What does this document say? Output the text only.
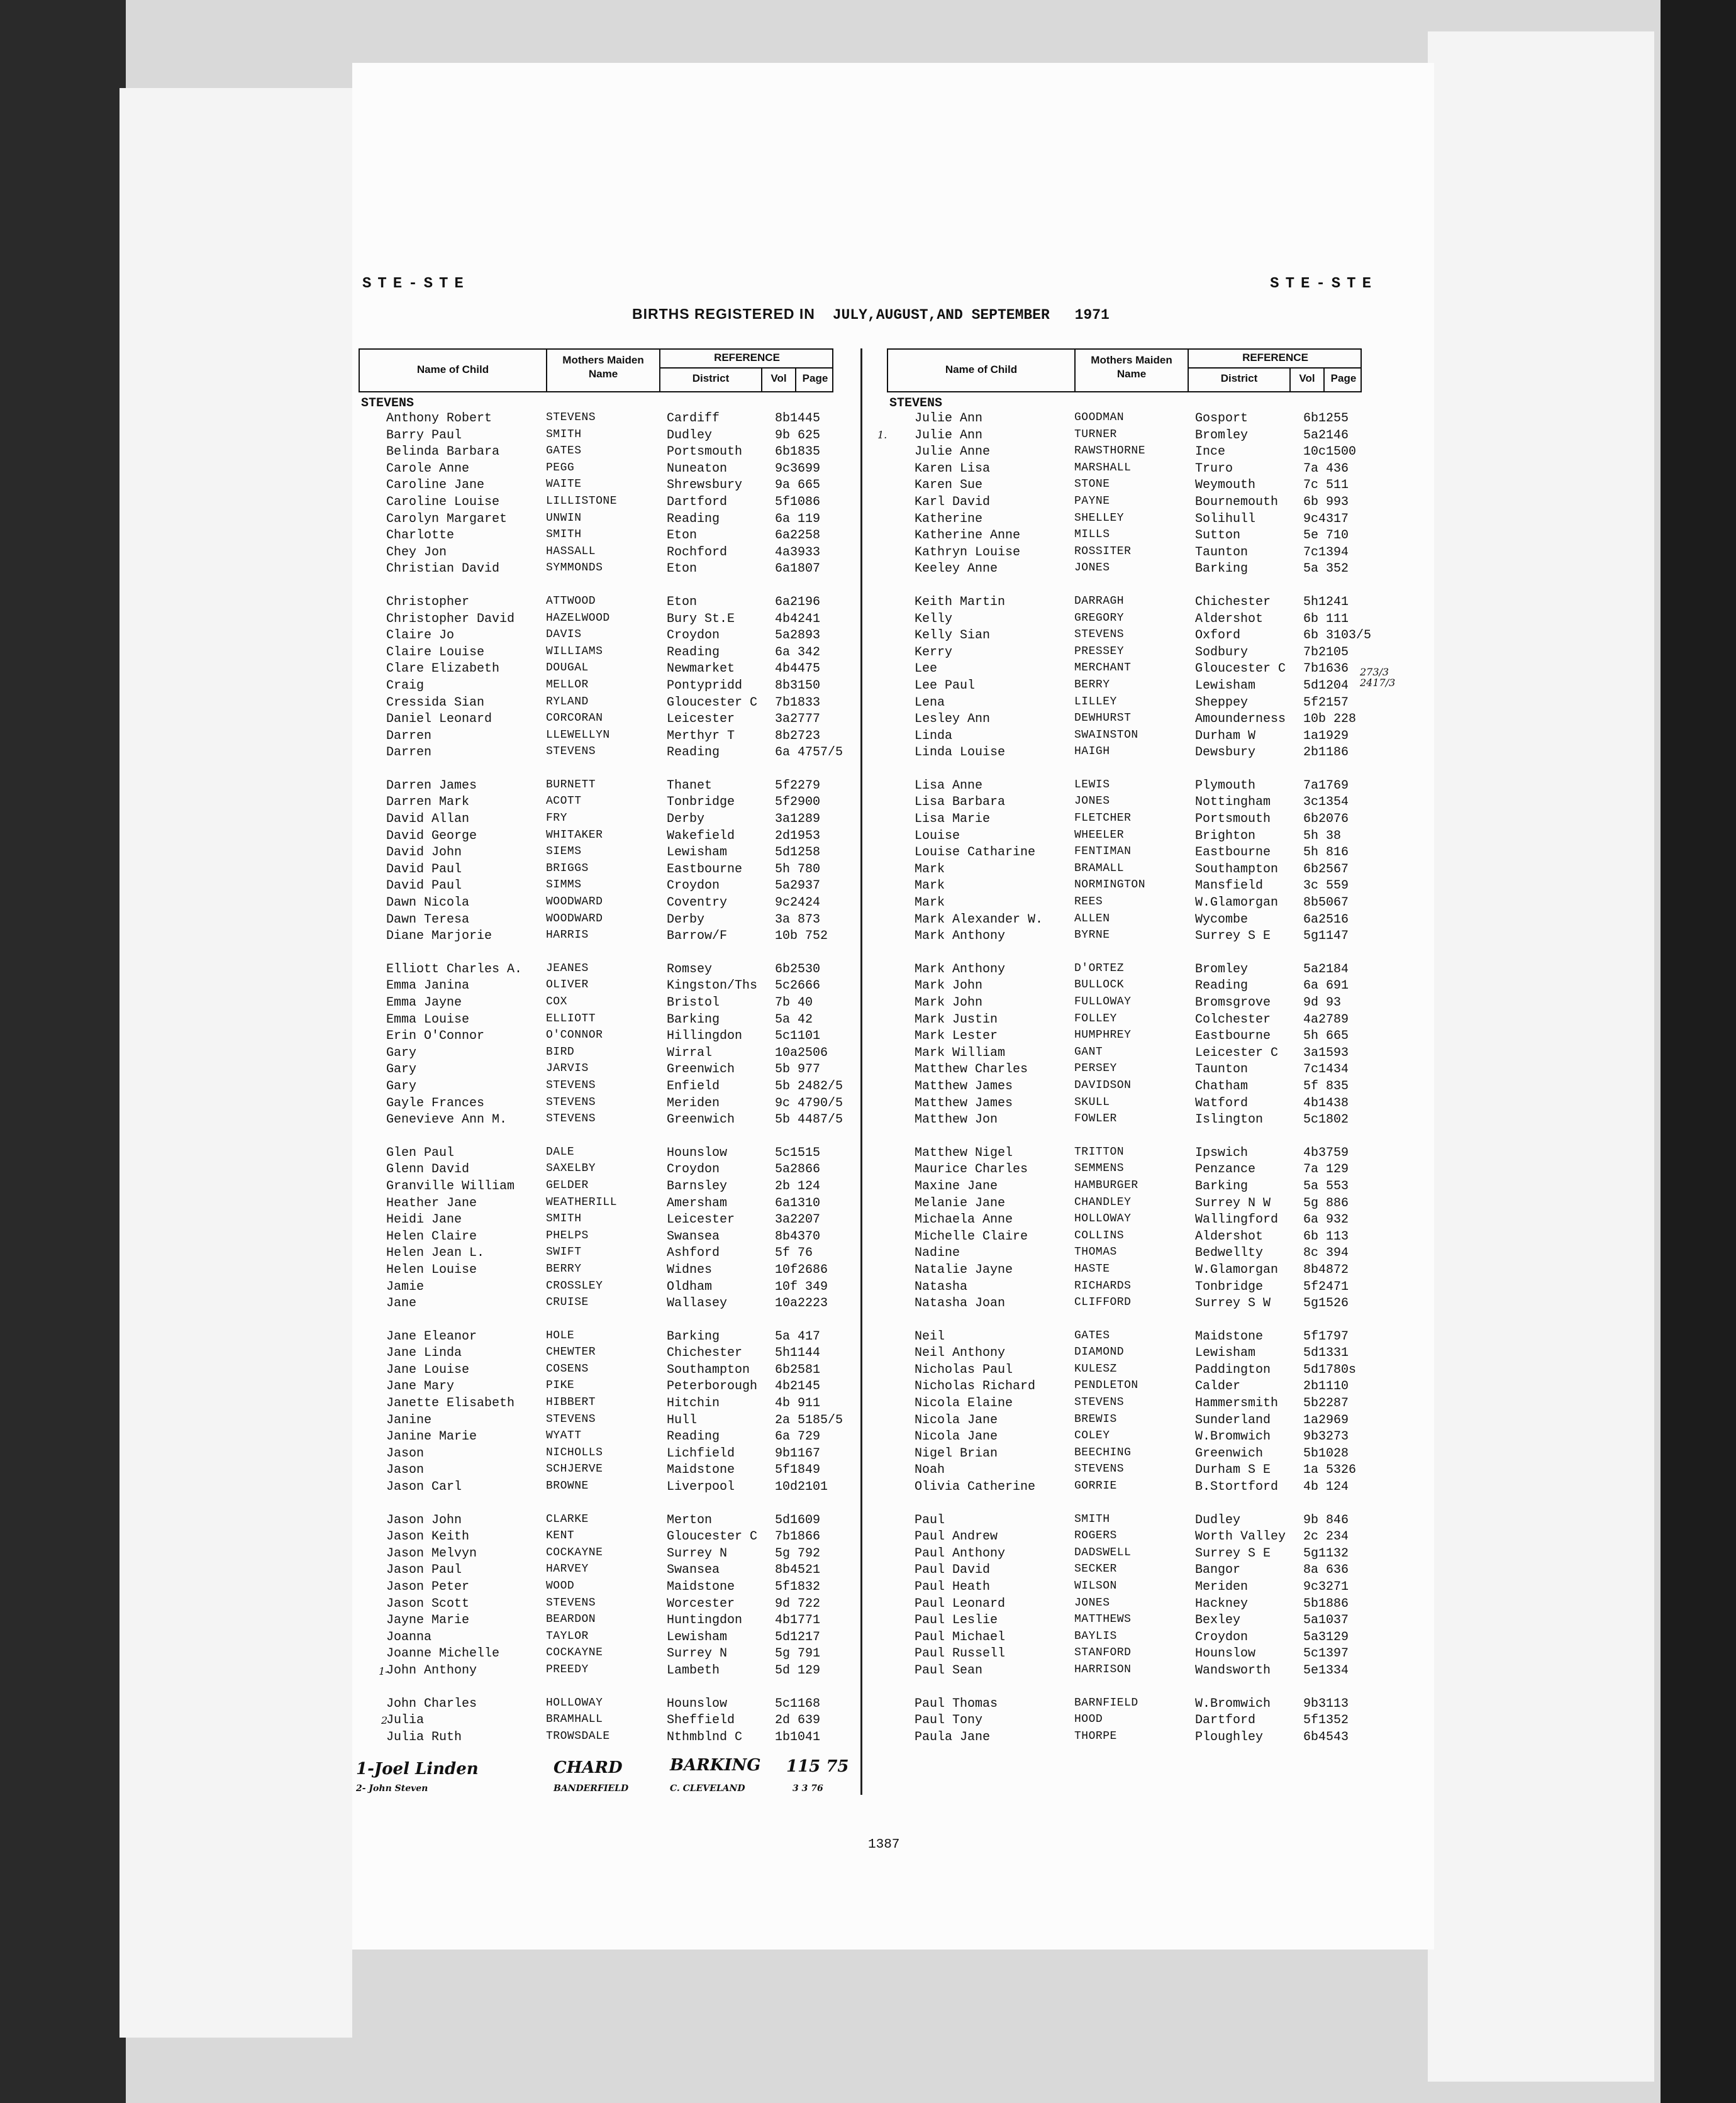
STE-STE	STE-STE
BIRTHS REGISTERED IN JULY,AUGUST,AND SEPTEMBER 1971
Name of Child
Mothers Maiden Name
REFERENCE
District	Vol	Page
STEVENS
Anthony Robert	STEVENS	Cardiff	8b1445
Barry Paul	SMITH	Dudley	9b 625
Belinda Barbara	GATES	Portsmouth	6b1835
Carole Anne	PEGG	Nuneaton	9c3699
Caroline Jane	WAITE	Shrewsbury	9a 665
Caroline Louise	LILLISTONE	Dartford	5f1086
Carolyn Margaret	UNWIN	Reading	6a 119
Charlotte	SMITH	Eton	6a2258
Chey Jon	HASSALL	Rochford	4a3933
Christian David	SYMMONDS	Eton	6a1807
Christopher	ATTWOOD	Eton	6a2196
Christopher David	HAZELWOOD	Bury St.E	4b4241
Claire Jo	DAVIS	Croydon	5a2893
Claire Louise	WILLIAMS	Reading	6a 342
Clare Elizabeth	DOUGAL	Newmarket	4b4475
Craig	MELLOR	Pontypridd	8b3150
Cressida Sian	RYLAND	Gloucester C 7b1833
Daniel Leonard	CORCORAN	Leicester	3a2777
Darren	LLEWELLYN	Merthyr T	8b2723
Darren	STEVENS	Reading	6a 4757/5
Darren James	BURNETT	Thanet	5f2279
Darren Mark	ACOTT	Tonbridge	5f2900
David Allan	FRY	Derby	3a1289
David George	WHITAKER	Wakefield	2d1953
David John	SIEMS	Lewisham	5d1258
David Paul	BRIGGS	Eastbourne	5h 780
David Paul	SIMMS	Croydon	5a2937
Dawn Nicola	WOODWARD	Coventry	9c2424
Dawn Teresa	WOODWARD	Derby	3a 873
Diane Marjorie	HARRIS	Barrow/F	10b 752
Elliott Charles A. JEANES	Romsey	6b2530
Emma Janina	OLIVER	Kingston/Ths 5c2666
Emma Jayne	COX	Bristol	7b 40
Emma Louise	ELLIOTT	Barking	5a 42
Erin O'Connor	O'CONNOR	Hillingdon	5c1101
Gary	BIRD	Wirral	10a2506
Gary	JARVIS	Greenwich	5b 977
Gary	STEVENS	Enfield	5b 2482/5
Gayle Frances	STEVENS	Meriden	9c 4790/5
Genevieve Ann M.	STEVENS	Greenwich	5b 4487/5
Glen Paul	DALE	Hounslow	5c1515
Glenn David	SAXELBY	Croydon	5a2866
Granville William	GELDER	Barnsley	2b 124
Heather Jane	WEATHERILL	Amersham	6a1310
Heidi Jane	SMITH	Leicester	3a2207
Helen Claire	PHELPS	Swansea	8b4370
Helen Jean L.	SWIFT	Ashford	5f 76
Helen Louise	BERRY	Widnes	10f2686
Jamie	CROSSLEY	Oldham	10f 349
Jane	CRUISE	Wallasey	10a2223
Jane Eleanor	HOLE	Barking	5a 417
Jane Linda	CHEWTER	Chichester	5h1144
Jane Louise	COSENS	Southampton 6b2581
Jane Mary	PIKE	Peterborough 4b2145
Janette Elisabeth	HIBBERT	Hitchin	4b 911
Janine	STEVENS	Hull	2a 5185/5
Janine Marie	WYATT	Reading	6a 729
Jason	NICHOLLS	Lichfield	9b1167
Jason	SCHJERVE	Maidstone	5f1849
Jason Carl	BROWNE	Liverpool	10d2101
Jason John	CLARKE	Merton	5d1609
Jason Keith	KENT	Gloucester C 7b1866
Jason Melvyn	COCKAYNE	Surrey N	5g 792
Jason Paul	HARVEY	Swansea	8b4521
Jason Peter	WOOD	Maidstone	5f1832
Jason Scott	STEVENS	Worcester	9d 722
Jayne Marie	BEARDON	Huntingdon	4b1771
Joanna	TAYLOR	Lewisham	5d1217
Joanne Michelle	COCKAYNE	Surrey N	5g 791
John Anthony	PREEDY	Lambeth	5d 129
John Charles	HOLLOWAY	Hounslow	5c1168
Julia	BRAMHALL	Sheffield	2d 639
Julia Ruth	TROWSDALE	Nthmblnd C	1b1041
Name of Child
Mothers Maiden Name
REFERENCE
District	Vol	Page
STEVENS
Julie Ann	GOODMAN	Gosport	6b1255
Julie Ann	TURNER	Bromley	5a2146
Julie Anne	RAWSTHORNE	Ince	10c1500
Karen Lisa	MARSHALL	Truro	7a 436
Karen Sue	STONE	Weymouth	7c 511
Karl David	PAYNE	Bournemouth 6b 993
Katherine	SHELLEY	Solihull	9c4317
Katherine Anne	MILLS	Sutton	5e 710
Kathryn Louise	ROSSITER	Taunton	7c1394
Keeley Anne	JONES	Barking	5a 352
Keith Martin	DARRAGH	Chichester	5h1241
Kelly	GREGORY	Aldershot	6b 111
Kelly Sian	STEVENS	Oxford	6b 3103/5
Kerry	PRESSEY	Sodbury	7b2105
Lee	MERCHANT	Gloucester C 7b1636
Lee Paul	BERRY	Lewisham	5d1204
Lena	LILLEY	Sheppey	5f2157
Lesley Ann	DEWHURST	Amounderness 10b 228
Linda	SWAINSTON	Durham W	1a1929
Linda Louise	HAIGH	Dewsbury	2b1186
Lisa Anne	LEWIS	Plymouth	7a1769
Lisa Barbara	JONES	Nottingham	3c1354
Lisa Marie	FLETCHER	Portsmouth	6b2076
Louise	WHEELER	Brighton	5h 38
Louise Catharine	FENTIMAN	Eastbourne	5h 816
Mark	BRAMALL	Southampton 6b2567
Mark	NORMINGTON	Mansfield	3c 559
Mark	REES	W.Glamorgan 8b5067
Mark Alexander W.	ALLEN	Wycombe	6a2516
Mark Anthony	BYRNE	Surrey S E	5g1147
Mark Anthony	D'ORTEZ	Bromley	5a2184
Mark John	BULLOCK	Reading	6a 691
Mark John	FULLOWAY	Bromsgrove	9d 93
Mark Justin	FOLLEY	Colchester	4a2789
Mark Lester	HUMPHREY	Eastbourne	5h 665
Mark William	GANT	Leicester C 3a1593
Matthew Charles	PERSEY	Taunton	7c1434
Matthew James	DAVIDSON	Chatham	5f 835
Matthew James	SKULL	Watford	4b1438
Matthew Jon	FOWLER	Islington	5c1802
Matthew Nigel	TRITTON	Ipswich	4b3759
Maurice Charles	SEMMENS	Penzance	7a 129
Maxine Jane	HAMBURGER	Barking	5a 553
Melanie Jane	CHANDLEY	Surrey N W	5g 886
Michaela Anne	HOLLOWAY	Wallingford 6a 932
Michelle Claire	COLLINS	Aldershot	6b 113
Nadine	THOMAS	Bedwellty	8c 394
Natalie Jayne	HASTE	W.Glamorgan 8b4872
Natasha	RICHARDS	Tonbridge	5f2471
Natasha Joan	CLIFFORD	Surrey S W	5g1526
Neil	GATES	Maidstone	5f1797
Neil Anthony	DIAMOND	Lewisham	5d1331
Nicholas Paul	KULESZ	Paddington	5d1780s
Nicholas Richard	PENDLETON	Calder	2b1110
Nicola Elaine	STEVENS	Hammersmith 5b2287
Nicola Jane	BREWIS	Sunderland	1a2969
Nicola Jane	COLEY	W.Bromwich	9b3273
Nigel Brian	BEECHING	Greenwich	5b1028
Noah	STEVENS	Durham S E	1a 5326
Olivia Catherine	GORRIE	B.Stortford 4b 124
Paul	SMITH	Dudley	9b 846
Paul Andrew	ROGERS	Worth Valley 2c 234
Paul Anthony	DADSWELL	Surrey S E	5g1132
Paul David	SECKER	Bangor	8a 636
Paul Heath	WILSON	Meriden	9c3271
Paul Leonard	JONES	Hackney	5b1886
Paul Leslie	MATTHEWS	Bexley	5a1037
Paul Michael	BAYLIS	Croydon	5a3129
Paul Russell	STANFORD	Hounslow	5c1397
Paul Sean	HARRISON	Wandsworth	5e1334
Paul Thomas	BARNFIELD	W.Bromwich	9b3113
Paul Tony	HOOD	Dartford	5f1352
Paula Jane	THORPE	Ploughley	6b4543
1-Joel Linden	CHARD	BARKING 115 75
2- John Steven	BANDERFIELD	C. CLEVELAND	3 3 76
273/3 2417/3
1.
1-
2
1387
